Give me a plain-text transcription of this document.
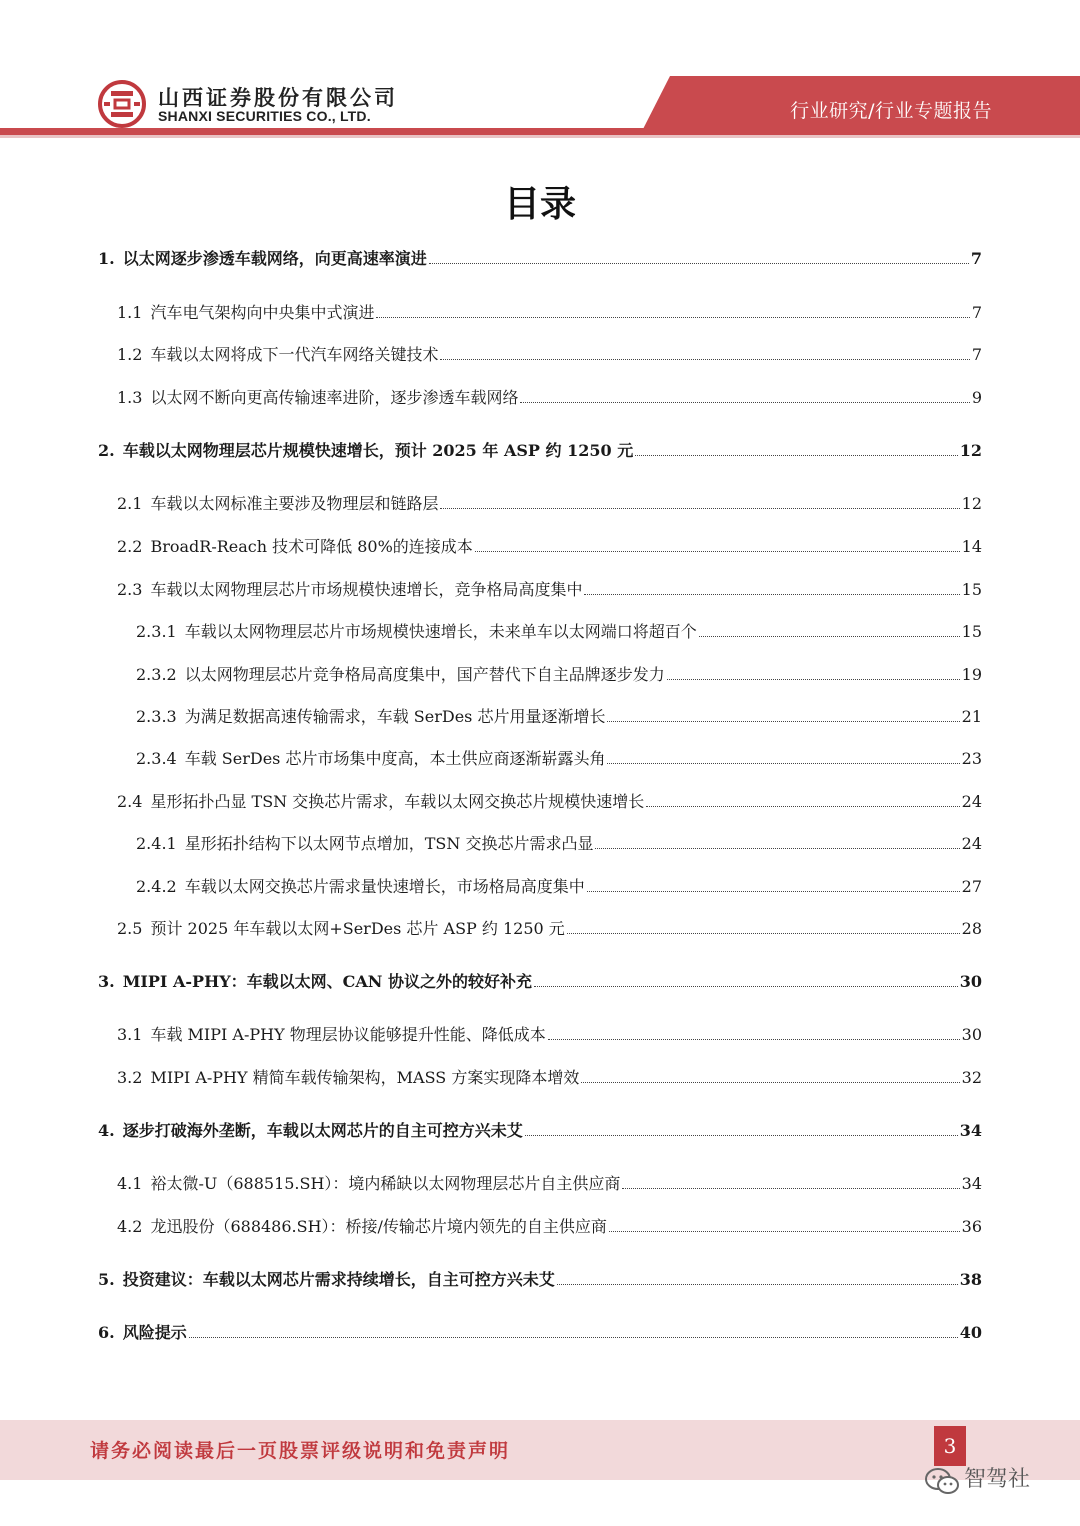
山西证券股份有限公司
SHANXI SECURITIES CO., LTD.	行业研究/行业专题报告
目录
1. 以太网逐步渗透车载网络，向更高速率演进	7
1.1 汽车电气架构向中央集中式演进	7
1.2 车载以太网将成下一代汽车网络关键技术	7
1.3 以太网不断向更高传输速率进阶，逐步渗透车载网络	9
2. 车载以太网物理层芯片规模快速增长，预计 2025 年 ASP 约 1250 元	12
2.1 车载以太网标准主要涉及物理层和链路层	12
2.2 BroadR-Reach 技术可降低 80%的连接成本	14
2.3 车载以太网物理层芯片市场规模快速增长，竞争格局高度集中	15
2.3.1 车载以太网物理层芯片市场规模快速增长，未来单车以太网端口将超百个	15
2.3.2 以太网物理层芯片竞争格局高度集中，国产替代下自主品牌逐步发力	19
2.3.3 为满足数据高速传输需求，车载 SerDes 芯片用量逐渐增长	21
2.3.4 车载 SerDes 芯片市场集中度高，本土供应商逐渐崭露头角	23
2.4 星形拓扑凸显 TSN 交换芯片需求，车载以太网交换芯片规模快速增长	24
2.4.1 星形拓扑结构下以太网节点增加，TSN 交换芯片需求凸显	24
2.4.2 车载以太网交换芯片需求量快速增长，市场格局高度集中	27
2.5 预计 2025 年车载以太网+SerDes 芯片 ASP 约 1250 元	28
3. MIPI A-PHY：车载以太网、CAN 协议之外的较好补充	30
3.1 车载 MIPI A-PHY 物理层协议能够提升性能、降低成本	30
3.2 MIPI A-PHY 精简车载传输架构，MASS 方案实现降本增效	32
4. 逐步打破海外垄断，车载以太网芯片的自主可控方兴未艾	34
4.1 裕太微-U（688515.SH）：境内稀缺以太网物理层芯片自主供应商	34
4.2 龙迅股份（688486.SH）：桥接/传输芯片境内领先的自主供应商	36
5. 投资建议：车载以太网芯片需求持续增长，自主可控方兴未艾	38
6. 风险提示	40
请务必阅读最后一页股票评级说明和免责声明	3
智驾社
